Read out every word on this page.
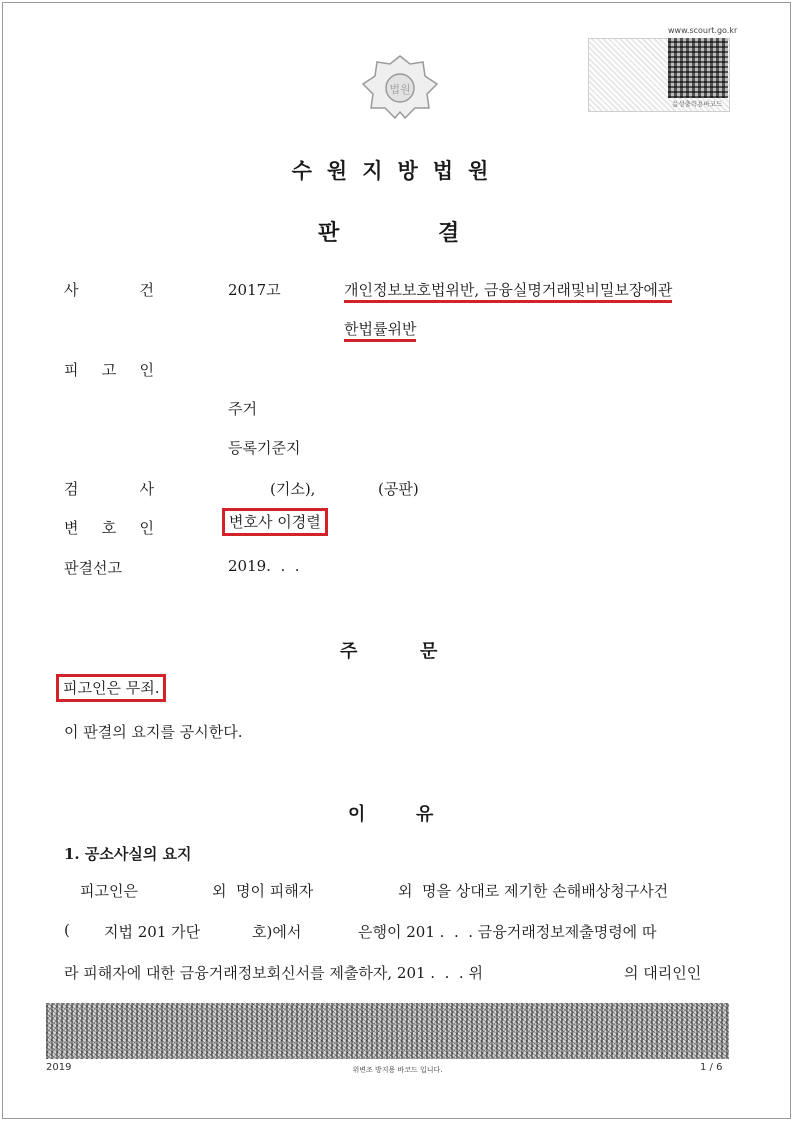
법원
www.scourt.go.kr
음성출력용바코드
수원지방법원
판	결
사 건	2017고	개인정보보호법위반, 금융실명거래및비밀보장에관
한법률위반
피 고 인
주거
등록기준지
검 사	(기소),	(공판)
변 호 인	변호사 이경렬
판결선고	2019.  .  .
주	문
피고인은 무죄.
이 판결의 요지를 공시한다.
이	유
1. 공소사실의 요지
피고인은	외  명이 피해자	외  명을 상대로 제기한 손해배상청구사건
( 지법 201 가단	호)에서	은행이 201 .  .  . 금융거래정보제출명령에 따
라 피해자에 대한 금융거래정보회신서를 제출하자, 201 .  .  . 위	의 대리인인
2019	위변조 방지용 바코드 입니다.	1 / 6
